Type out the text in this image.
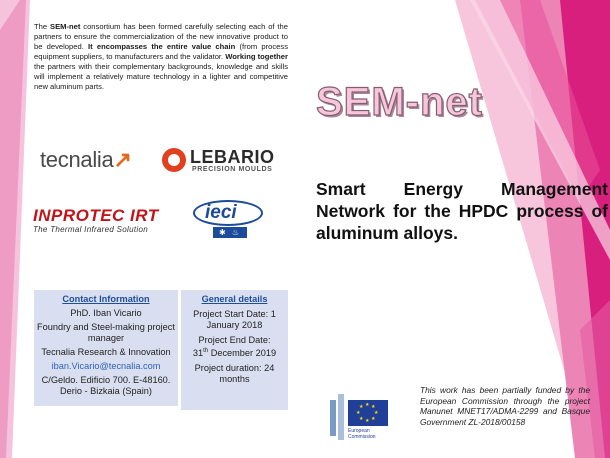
The SEM-net consortium has been formed carefully selecting each of the partners to ensure the commercialization of the new innovative product to be developed. It encompasses the entire value chain (from process equipment suppliers, to manufacturers and the validator. Working together the partners with their complementary backgrounds, knowledge and skills will implement a relatively mature technology in a lighter and competitive new aluminum parts.
tecnalia↗	LEBARIO
PRECISION MOULDS
INPROTEC IRT
The Thermal Infrared Solution
ieci
✱ ♨
SEM-net
Smart Energy Management Network for the HPDC process of aluminum alloys.
Contact Information
PhD. Iban Vicario
Foundry and Steel-making project manager
Tecnalia Research & Innovation
iban.Vicario@tecnalia.com
C/Geldo. Edificio 700. E-48160. Derio - Bizkaia (Spain)
General details
Project Start Date: 1 January 2018
Project End Date:
31th December 2019
Project duration: 24 months
★ ★
★
★
★
★
★
★
European Commission
This work has been partially funded by the European Commission through the project Manunet MNET17/ADMA-2299 and Basque Government ZL-2018/00158
